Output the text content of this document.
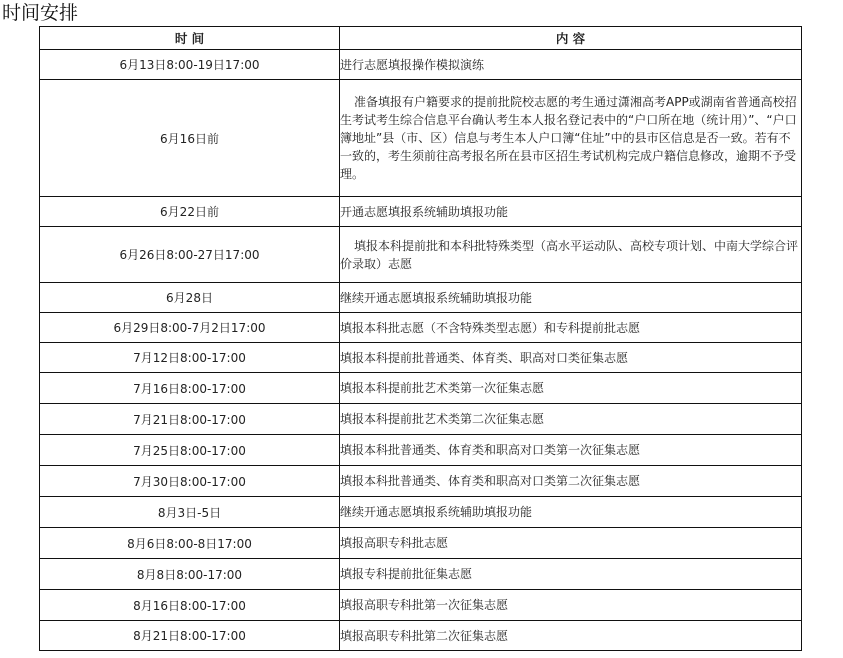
时间安排
时 间	内 容
6月13日8:00-19日17:00	进行志愿填报操作模拟演练

6月16日前	准备填报有户籍要求的提前批院校志愿的考生通过潇湘高考APP或湖南省普通高校招生考试考生综合信息平台确认考生本人报名登记表中的“户口所在地（统计用）”、“户口簿地址”县（市、区）信息与考生本人户口簿“住址”中的县市区信息是否一致。若有不一致的，考生须前往高考报名所在县市区招生考试机构完成户籍信息修改，逾期不予受理。

6月22日前	开通志愿填报系统辅助填报功能

6月26日8:00-27日17:00	填报本科提前批和本科批特殊类型（高水平运动队、高校专项计划、中南大学综合评价录取）志愿

6月28日	继续开通志愿填报系统辅助填报功能

6月29日8:00-7月2日17:00	填报本科批志愿（不含特殊类型志愿）和专科提前批志愿

7月12日8:00-17:00	填报本科提前批普通类、体育类、职高对口类征集志愿

7月16日8:00-17:00	填报本科提前批艺术类第一次征集志愿

7月21日8:00-17:00	填报本科提前批艺术类第二次征集志愿

7月25日8:00-17:00	填报本科批普通类、体育类和职高对口类第一次征集志愿

7月30日8:00-17:00	填报本科批普通类、体育类和职高对口类第二次征集志愿

8月3日-5日	继续开通志愿填报系统辅助填报功能

8月6日8:00-8日17:00	填报高职专科批志愿

8月8日8:00-17:00	填报专科提前批征集志愿

8月16日8:00-17:00	填报高职专科批第一次征集志愿

8月21日8:00-17:00	填报高职专科批第二次征集志愿
